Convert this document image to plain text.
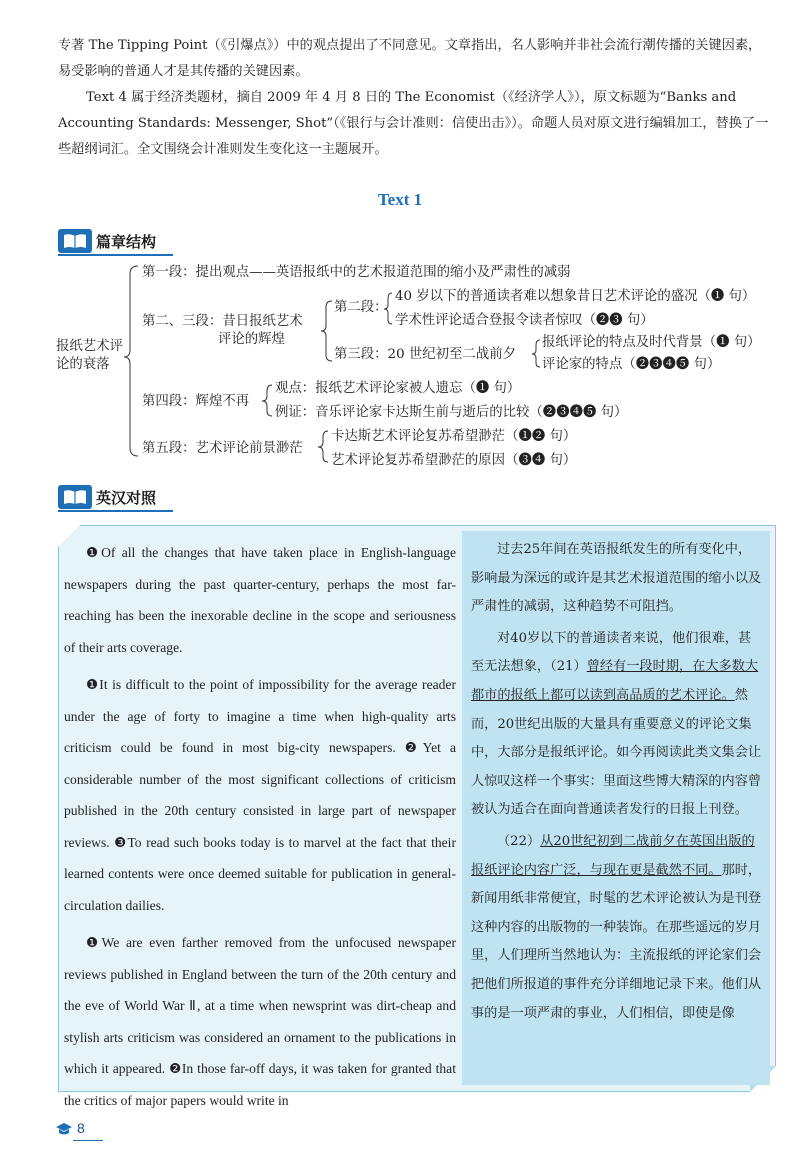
专著 The Tipping Point（《引爆点》）中的观点提出了不同意见。文章指出，名人影响并非社会流行潮传播的关键因素，易受影响的普通人才是其传播的关键因素。

Text 4 属于经济类题材，摘自 2009 年 4 月 8 日的 The Economist（《经济学人》），原文标题为“Banks and Accounting Standards: Messenger, Shot”（《银行与会计准则：信使出击》）。命题人员对原文进行编辑加工，替换了一些超纲词汇。全文围绕会计准则发生变化这一主题展开。

Text 1
篇章结构
报纸艺术评
论的衰落
第一段：提出观点——英语报纸中的艺术报道范围的缩小及严肃性的减弱
第二、三段：昔日报纸艺术
评论的辉煌
第二段：
40 岁以下的普通读者难以想象昔日艺术评论的盛况（❶ 句）
学术性评论适合登报令读者惊叹（❷❸ 句）
第三段：20 世纪初至二战前夕
报纸评论的特点及时代背景（❶ 句）
评论家的特点（❷❸❹❺ 句）
第四段：辉煌不再
观点：报纸艺术评论家被人遗忘（❶ 句）
例证：音乐评论家卡达斯生前与逝后的比较（❷❸❹❺ 句）
第五段：艺术评论前景渺茫
卡达斯艺术评论复苏希望渺茫（❶❷ 句）
艺术评论复苏希望渺茫的原因（❸❹ 句）
英汉对照

❶Of all the changes that have taken place in English-language newspapers during the past quarter-century, perhaps the most far-reaching has been the inexorable decline in the scope and seriousness of their arts coverage.

❶It is difficult to the point of impossibility for the average reader under the age of forty to imagine a time when high-quality arts criticism could be found in most big-city newspapers. ❷Yet a considerable number of the most significant collections of criticism published in the 20th century consisted in large part of newspaper reviews. ❸To read such books today is to marvel at the fact that their learned contents were once deemed suitable for publication in general-circulation dailies.

❶We are even farther removed from the unfocused newspaper reviews published in England between the turn of the 20th century and the eve of World War Ⅱ, at a time when newsprint was dirt-cheap and stylish arts criticism was considered an ornament to the publications in which it appeared. ❷In those far-off days, it was taken for granted that the critics of major papers would write in

过去25年间在英语报纸发生的所有变化中，影响最为深远的或许是其艺术报道范围的缩小以及严肃性的减弱，这种趋势不可阻挡。

对40岁以下的普通读者来说，他们很难，甚至无法想象，（21）曾经有一段时期，在大多数大都市的报纸上都可以读到高品质的艺术评论。然而，20世纪出版的大量具有重要意义的评论文集中，大部分是报纸评论。如今再阅读此类文集会让人惊叹这样一个事实：里面这些博大精深的内容曾被认为适合在面向普通读者发行的日报上刊登。

（22）从20世纪初到二战前夕在英国出版的报纸评论内容广泛，与现在更是截然不同。那时，新闻用纸非常便宜，时髦的艺术评论被认为是刊登这种内容的出版物的一种装饰。在那些遥远的岁月里，人们理所当然地认为：主流报纸的评论家们会把他们所报道的事件充分详细地记录下来。他们从事的是一项严肃的事业，人们相信，即使是像

8
